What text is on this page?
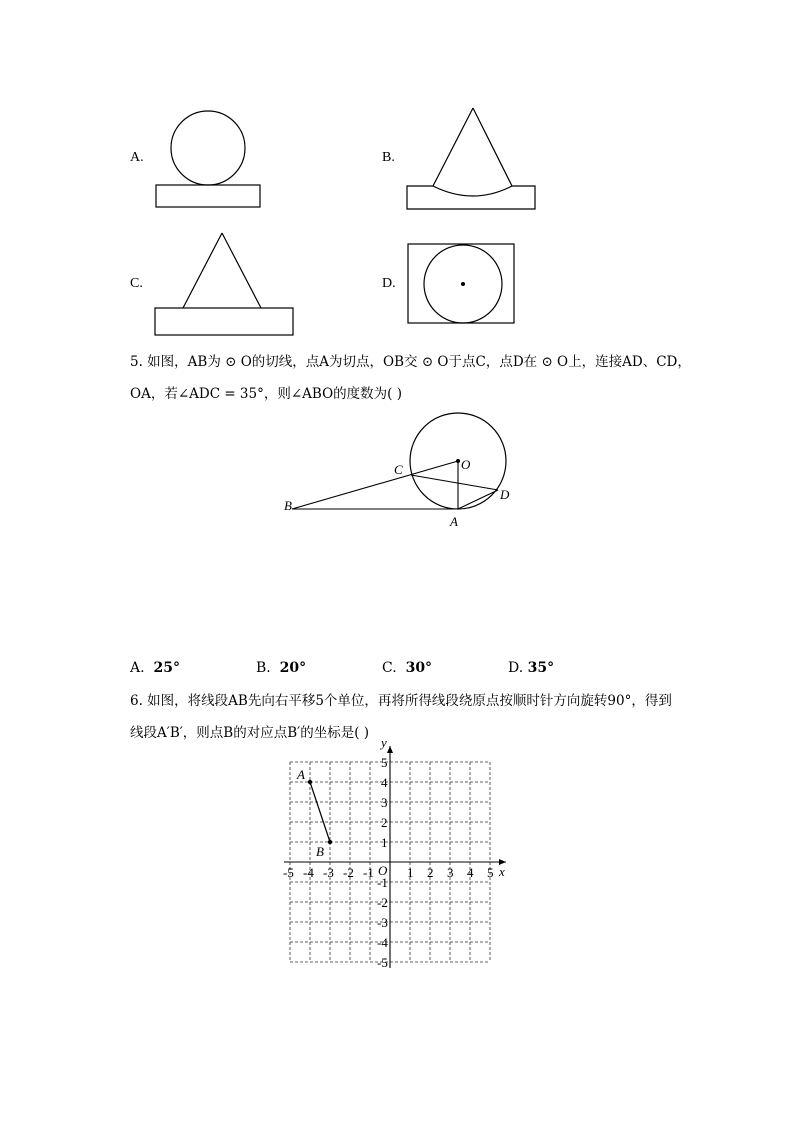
A.	B.
C.	D.
5. 如图，AB为 ⊙ O的切线，点A为切点，OB交 ⊙ O于点C，点D在 ⊙ O上，连接AD、CD，
OA，若∠ADC = 35°，则∠ABO的度数为( )
B
C	O
D
A
A. 25°	B. 20°	C. 30°	D. 35°
6. 如图，将线段AB先向右平移5个单位，再将所得线段绕原点按顺时针方向旋转90°，得到
线段A′B′，则点B的对应点B′的坐标是( )
-5 -4 -3 -2 -1	1 2 3 4 5
5
4
3
2
1
-1
-2
-3
-4
-5
x
y
O
A
B
